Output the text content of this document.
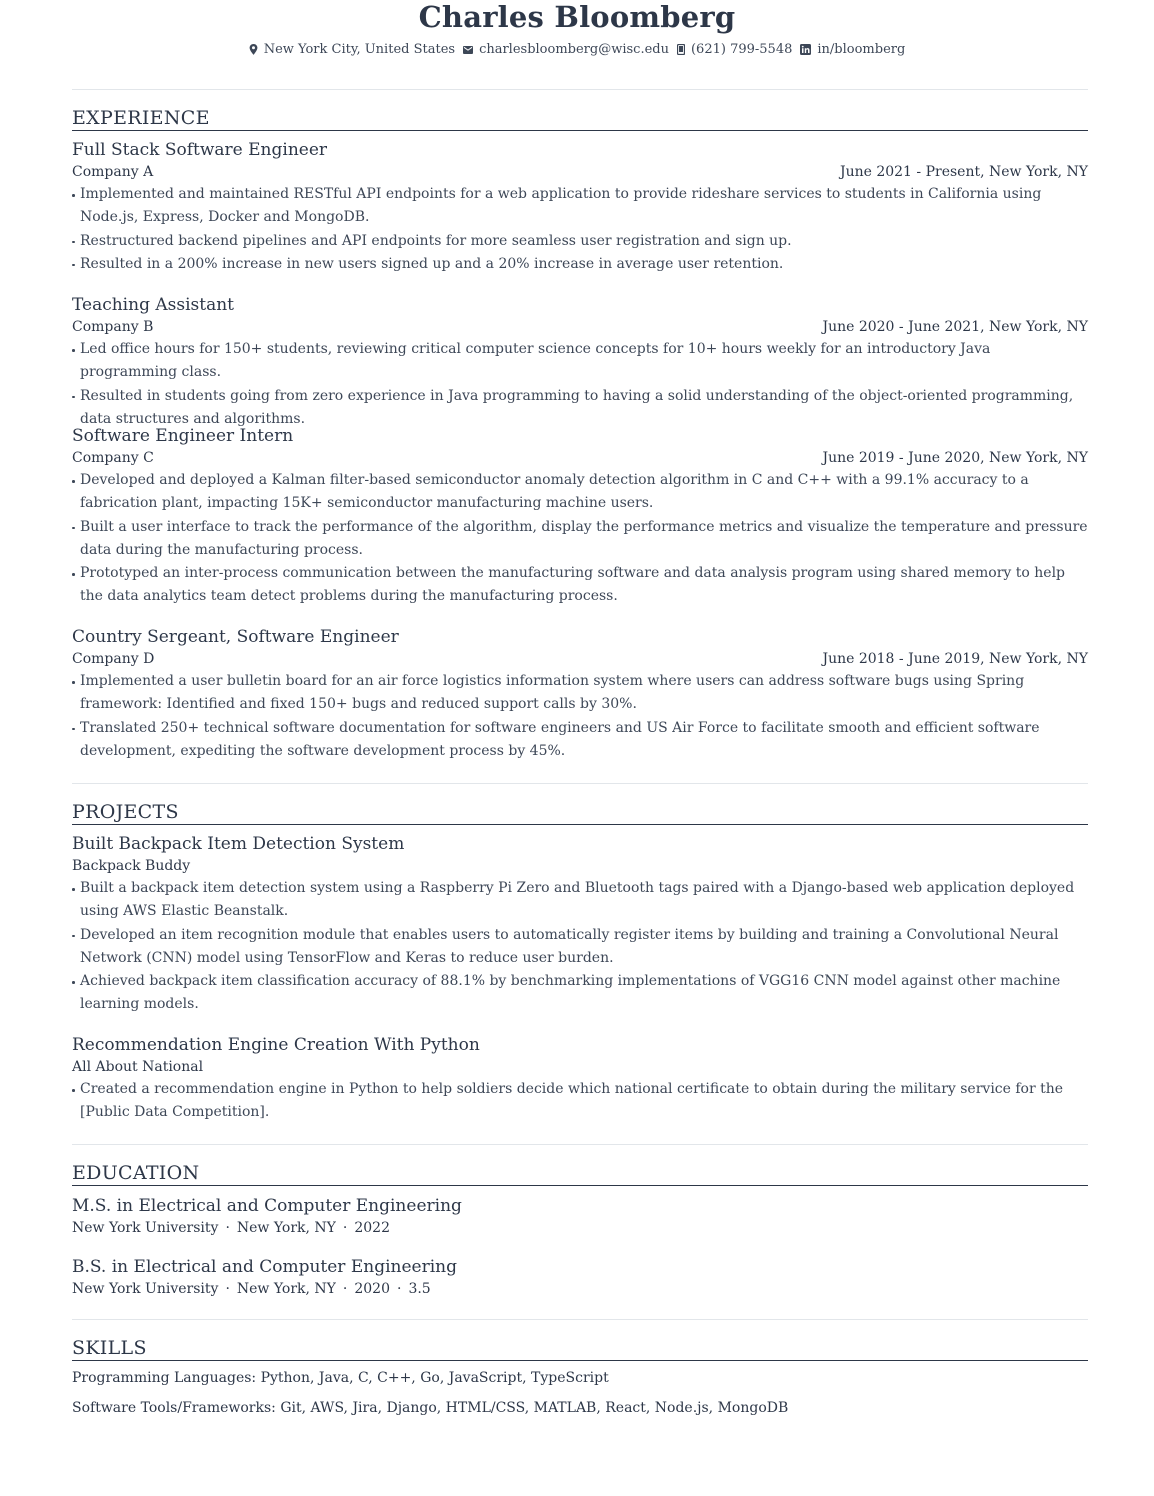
Charles Bloomberg
New York City, United States charlesbloomberg@wisc.edu (621) 799-5548 in/bloomberg
EXPERIENCE
Full Stack Software Engineer
Company A	June 2021 - Present, New York, NY
Implemented and maintained RESTful API endpoints for a web application to provide rideshare services to students in California using Node.js, Express, Docker and MongoDB.
Restructured backend pipelines and API endpoints for more seamless user registration and sign up.
Resulted in a 200% increase in new users signed up and a 20% increase in average user retention.
Teaching Assistant
Company B	June 2020 - June 2021, New York, NY
Led office hours for 150+ students, reviewing critical computer science concepts for 10+ hours weekly for an introductory Java programming class.
Resulted in students going from zero experience in Java programming to having a solid understanding of the object-oriented programming, data structures and algorithms.
Software Engineer Intern
Company C	June 2019 - June 2020, New York, NY
Developed and deployed a Kalman filter-based semiconductor anomaly detection algorithm in C and C++ with a 99.1% accuracy to a fabrication plant, impacting 15K+ semiconductor manufacturing machine users.
Built a user interface to track the performance of the algorithm, display the performance metrics and visualize the temperature and pressure data during the manufacturing process.
Prototyped an inter-process communication between the manufacturing software and data analysis program using shared memory to help the data analytics team detect problems during the manufacturing process.
Country Sergeant, Software Engineer
Company D	June 2018 - June 2019, New York, NY
Implemented a user bulletin board for an air force logistics information system where users can address software bugs using Spring framework: Identified and fixed 150+ bugs and reduced support calls by 30%.
Translated 250+ technical software documentation for software engineers and US Air Force to facilitate smooth and efficient software development, expediting the software development process by 45%.
PROJECTS
Built Backpack Item Detection System
Backpack Buddy
Built a backpack item detection system using a Raspberry Pi Zero and Bluetooth tags paired with a Django-based web application deployed using AWS Elastic Beanstalk.
Developed an item recognition module that enables users to automatically register items by building and training a Convolutional Neural Network (CNN) model using TensorFlow and Keras to reduce user burden.
Achieved backpack item classification accuracy of 88.1% by benchmarking implementations of VGG16 CNN model against other machine learning models.
Recommendation Engine Creation With Python
All About National
Created a recommendation engine in Python to help soldiers decide which national certificate to obtain during the military service for the [Public Data Competition].
EDUCATION
M.S. in Electrical and Computer Engineering
New York University · New York, NY · 2022
B.S. in Electrical and Computer Engineering
New York University · New York, NY · 2020 · 3.5
SKILLS
Programming Languages: Python, Java, C, C++, Go, JavaScript, TypeScript
Software Tools/Frameworks: Git, AWS, Jira, Django, HTML/CSS, MATLAB, React, Node.js, MongoDB
